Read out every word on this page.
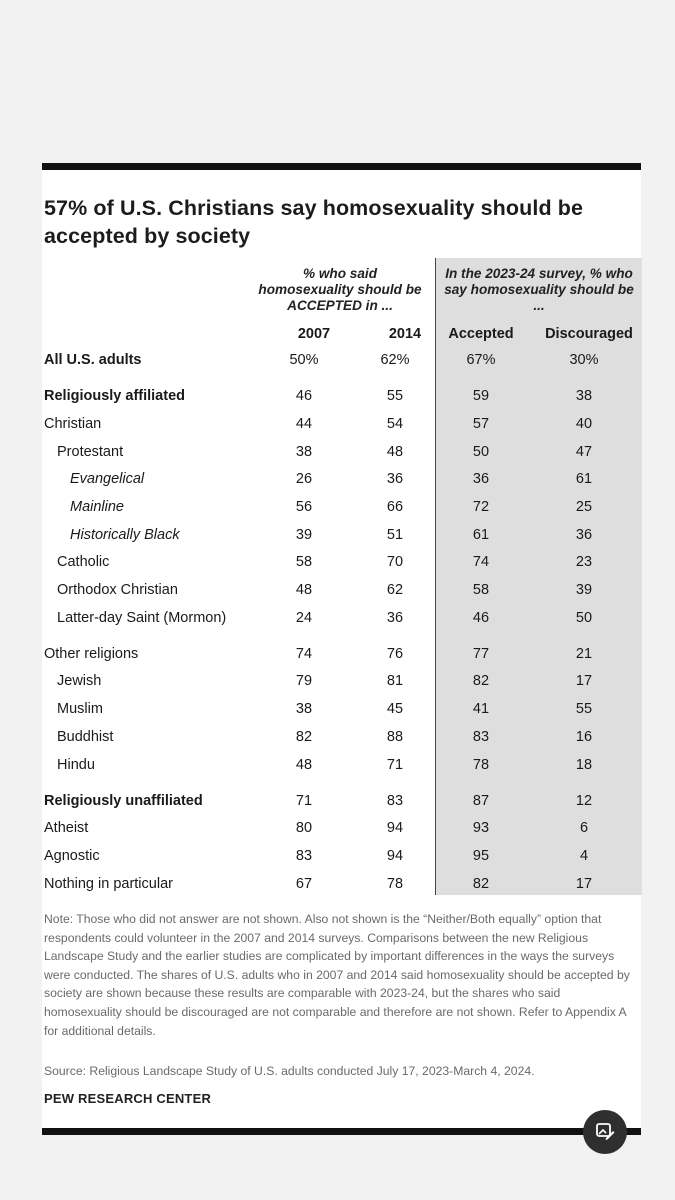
57% of U.S. Christians say homosexuality should be accepted by society
% who said homosexuality should be ACCEPTED in ...
In the 2023-24 survey, % who say homosexuality should be ...
2007	2014	Accepted	Discouraged
All U.S. adults	50%	62%	67%	30%
Religiously affiliated	46	55	59	38
Christian	44	54	57	40
Protestant	38	48	50	47
Evangelical	26	36	36	61
Mainline	56	66	72	25
Historically Black	39	51	61	36
Catholic	58	70	74	23
Orthodox Christian	48	62	58	39
Latter-day Saint (Mormon)	24	36	46	50
Other religions	74	76	77	21
Jewish	79	81	82	17
Muslim	38	45	41	55
Buddhist	82	88	83	16
Hindu	48	71	78	18
Religiously unaffiliated	71	83	87	12
Atheist	80	94	93	6
Agnostic	83	94	95	4
Nothing in particular	67	78	82	17
Note: Those who did not answer are not shown. Also not shown is the “Neither/Both equally” option that respondents could volunteer in the 2007 and 2014 surveys. Comparisons between the new Religious Landscape Study and the earlier studies are complicated by important differences in the ways the surveys were conducted. The shares of U.S. adults who in 2007 and 2014 said homosexuality should be accepted by society are shown because these results are comparable with 2023-24, but the shares who said homosexuality should be discouraged are not comparable and therefore are not shown. Refer to Appendix A for additional details.
Source: Religious Landscape Study of U.S. adults conducted July 17, 2023-March 4, 2024.
PEW RESEARCH CENTER
